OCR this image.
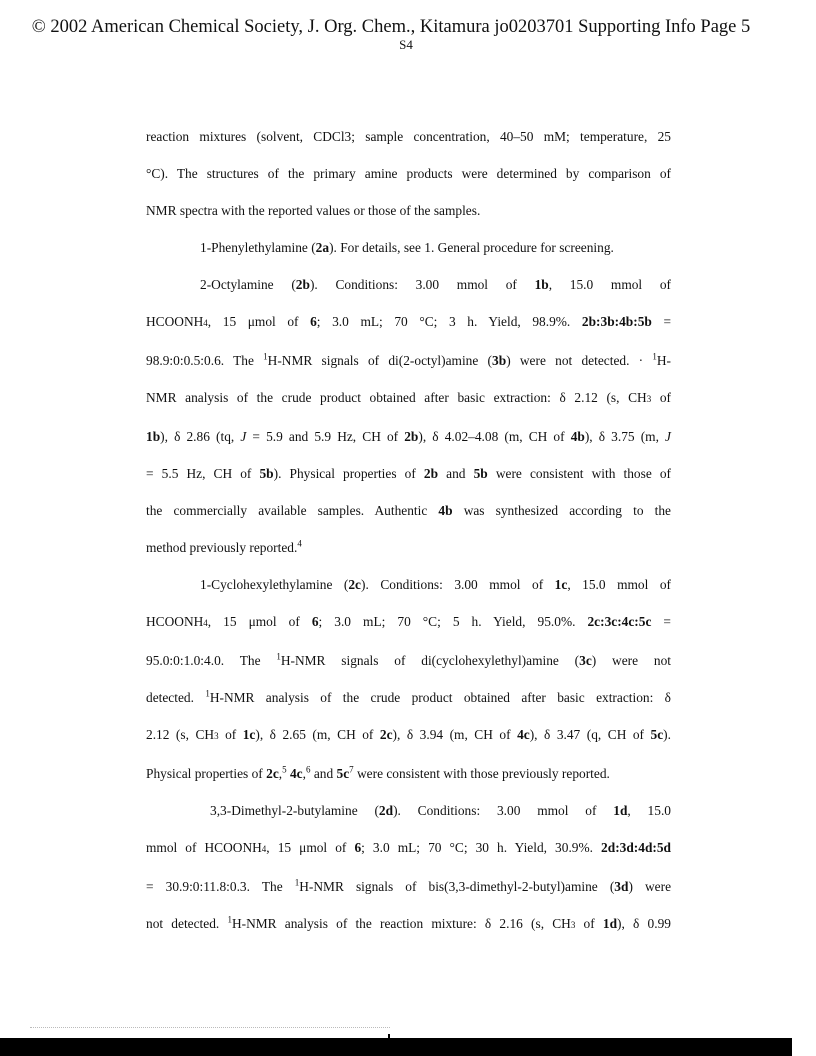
© 2002 American Chemical Society, J. Org. Chem., Kitamura jo0203701 Supporting Info Page 5
S4
reaction mixtures (solvent, CDCl3; sample concentration, 40–50 mM; temperature, 25
°C). The structures of the primary amine products were determined by comparison of
NMR spectra with the reported values or those of the samples.
1-Phenylethylamine (2a). For details, see 1. General procedure for screening.
2-Octylamine (2b). Conditions: 3.00 mmol of 1b, 15.0 mmol of
HCOONH4, 15 μmol of 6; 3.0 mL; 70 °C; 3 h. Yield, 98.9%. 2b:3b:4b:5b =
98.9:0:0.5:0.6. The $^1$H-NMR signals of di(2-octyl)amine (3b) were not detected. · $^1$H-
NMR analysis of the crude product obtained after basic extraction: δ 2.12 (s, CH3 of
1b), δ 2.86 (tq, J = 5.9 and 5.9 Hz, CH of 2b), δ 4.02–4.08 (m, CH of 4b), δ 3.75 (m, J
= 5.5 Hz, CH of 5b). Physical properties of 2b and 5b were consistent with those of
the commercially available samples. Authentic 4b was synthesized according to the
method previously reported.$^4$
1-Cyclohexylethylamine (2c). Conditions: 3.00 mmol of 1c, 15.0 mmol of
HCOONH4, 15 μmol of 6; 3.0 mL; 70 °C; 5 h. Yield, 95.0%. 2c:3c:4c:5c =
95.0:0:1.0:4.0. The $^1$H-NMR signals of di(cyclohexylethyl)amine (3c) were not
detected. $^1$H-NMR analysis of the crude product obtained after basic extraction: δ
2.12 (s, CH3 of 1c), δ 2.65 (m, CH of 2c), δ 3.94 (m, CH of 4c), δ 3.47 (q, CH of 5c).
Physical properties of 2c,$^5$ 4c,$^6$ and $5c^7$ were consistent with those previously reported.
3,3-Dimethyl-2-butylamine (2d). Conditions: 3.00 mmol of 1d, 15.0
mmol of HCOONH4, 15 μmol of 6; 3.0 mL; 70 °C; 30 h. Yield, 30.9%. 2d:3d:4d:5d
= 30.9:0:11.8:0.3. The $^1$H-NMR signals of bis(3,3-dimethyl-2-butyl)amine (3d) were
not detected. $^1$H-NMR analysis of the reaction mixture: δ 2.16 (s, CH3 of 1d), δ 0.99
